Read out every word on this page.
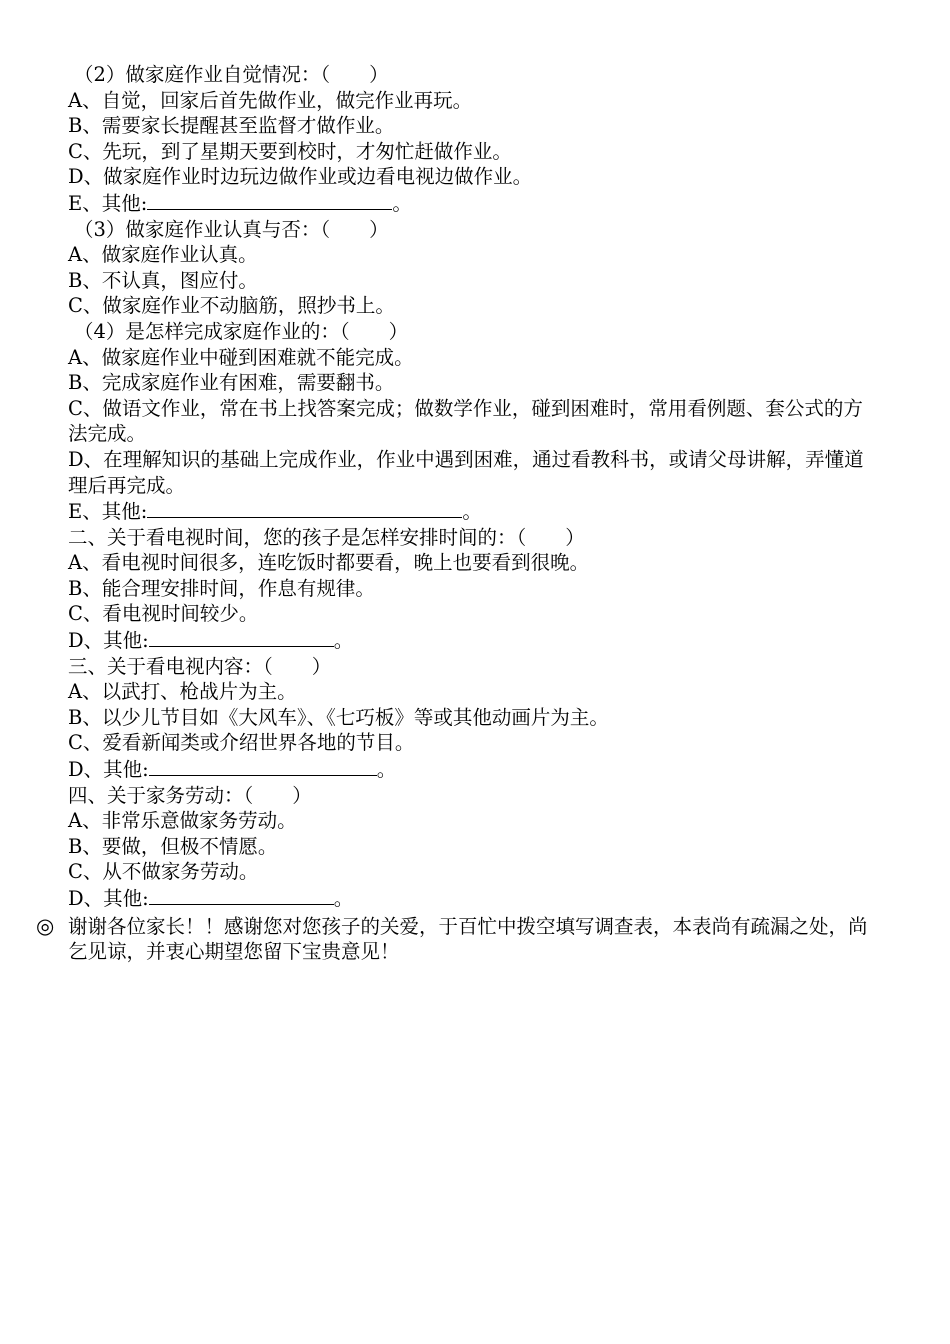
（2）做家庭作业自觉情况：（　　）
A、自觉，回家后首先做作业，做完作业再玩。
B、需要家长提醒甚至监督才做作业。
C、先玩，到了星期天要到校时，才匆忙赶做作业。
D、做家庭作业时边玩边做作业或边看电视边做作业。
E、其他:	。
（3）做家庭作业认真与否：（　　）
A、做家庭作业认真。
B、不认真，图应付。
C、做家庭作业不动脑筋，照抄书上。
（4）是怎样完成家庭作业的：（　　）
A、做家庭作业中碰到困难就不能完成。
B、完成家庭作业有困难，需要翻书。
C、做语文作业，常在书上找答案完成；做数学作业，碰到困难时，常用看例题、套公式的方法完成。
D、在理解知识的基础上完成作业，作业中遇到困难，通过看教科书，或请父母讲解，弄懂道理后再完成。
E、其他:	。
二、关于看电视时间，您的孩子是怎样安排时间的：（　　）
A、看电视时间很多，连吃饭时都要看，晚上也要看到很晚。
B、能合理安排时间，作息有规律。
C、看电视时间较少。
D、其他:	。
三、关于看电视内容：（　　）
A、以武打、枪战片为主。
B、以少儿节目如《大风车》、《七巧板》等或其他动画片为主。
C、爱看新闻类或介绍世界各地的节目。
D、其他:	。
四、关于家务劳动：（　　）
A、非常乐意做家务劳动。
B、要做，但极不情愿。
C、从不做家务劳动。
D、其他:	。
◎ 谢谢各位家长！！感谢您对您孩子的关爱，于百忙中拨空填写调查表，本表尚有疏漏之处，尚乞见谅，并衷心期望您留下宝贵意见！
